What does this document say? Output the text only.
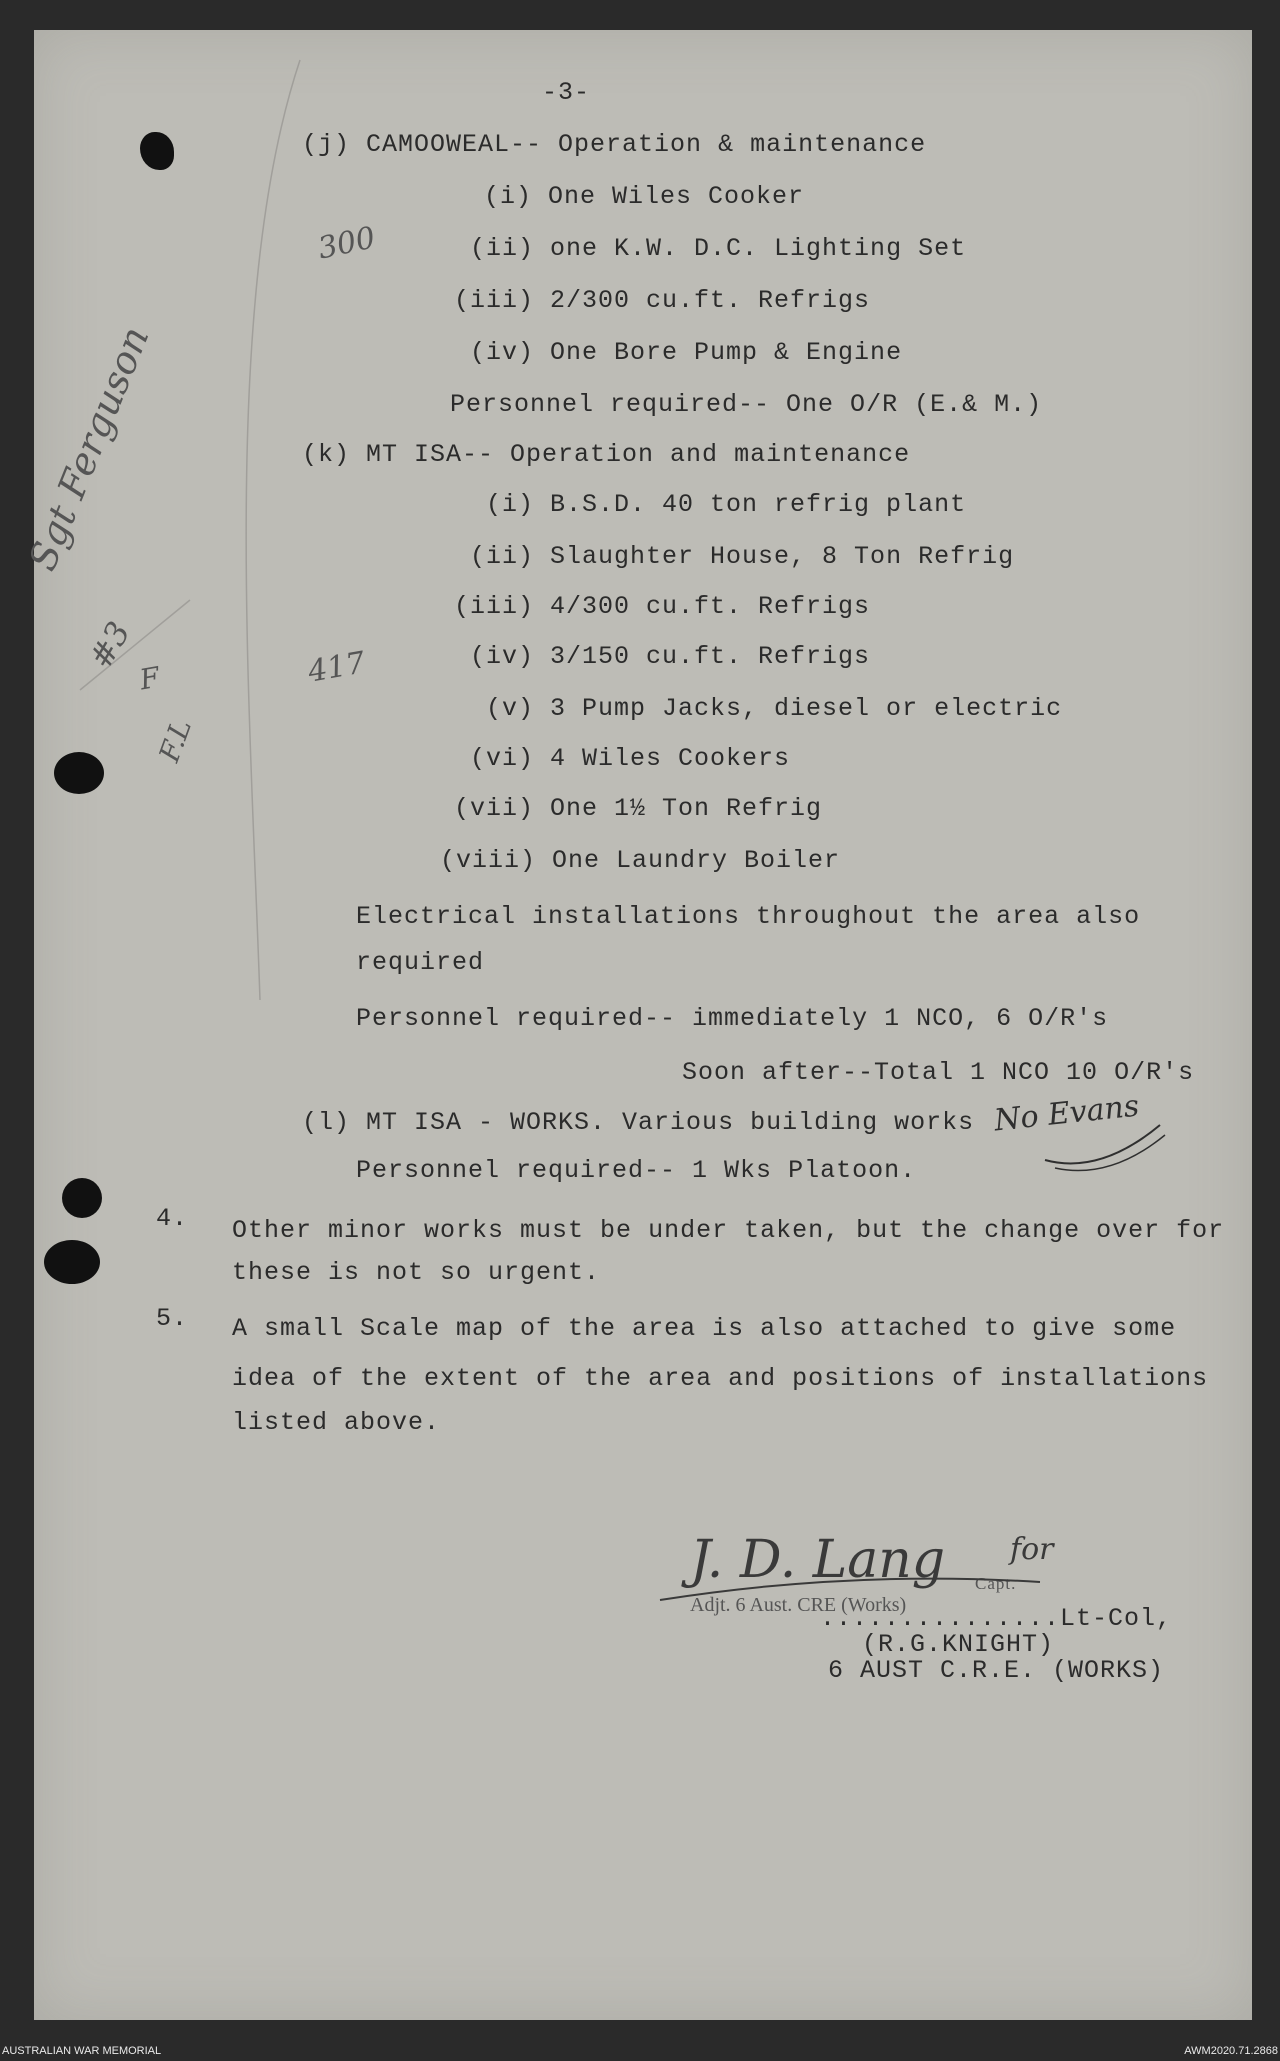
-3-
(j) CAMOOWEAL-- Operation & maintenance
(i) One Wiles Cooker
(ii) one K.W. D.C. Lighting Set
(iii) 2/300 cu.ft. Refrigs
(iv) One Bore Pump & Engine
Personnel required-- One O/R (E.& M.)
(k) MT ISA-- Operation and maintenance
(i) B.S.D. 40 ton refrig plant
(ii) Slaughter House, 8 Ton Refrig
(iii) 4/300 cu.ft. Refrigs
(iv) 3/150 cu.ft. Refrigs
(v) 3 Pump Jacks, diesel or electric
(vi) 4 Wiles Cookers
(vii) One 1½ Ton Refrig
(viii) One Laundry Boiler
Electrical installations throughout the area also
required
Personnel required-- immediately 1 NCO, 6 O/R's
Soon after--Total 1 NCO 10 O/R's
(l) MT ISA - WORKS. Various building works
Personnel required-- 1 Wks Platoon.
4. Other minor works must be under taken, but the change over for
these is not so urgent.
5. A small Scale map of the area is also attached to give some
idea of the extent of the area and positions of installations
listed above.
J. D. Lang for
Capt.
Adjt. 6 Aust. CRE (Works)
...............Lt-Col,
(R.G.KNIGHT)
6 AUST C.R.E. (WORKS)
300
417
Sgt Ferguson
#3
F
F.L
No Evans
AUSTRALIAN WAR MEMORIAL	AWM2020.71.2868
